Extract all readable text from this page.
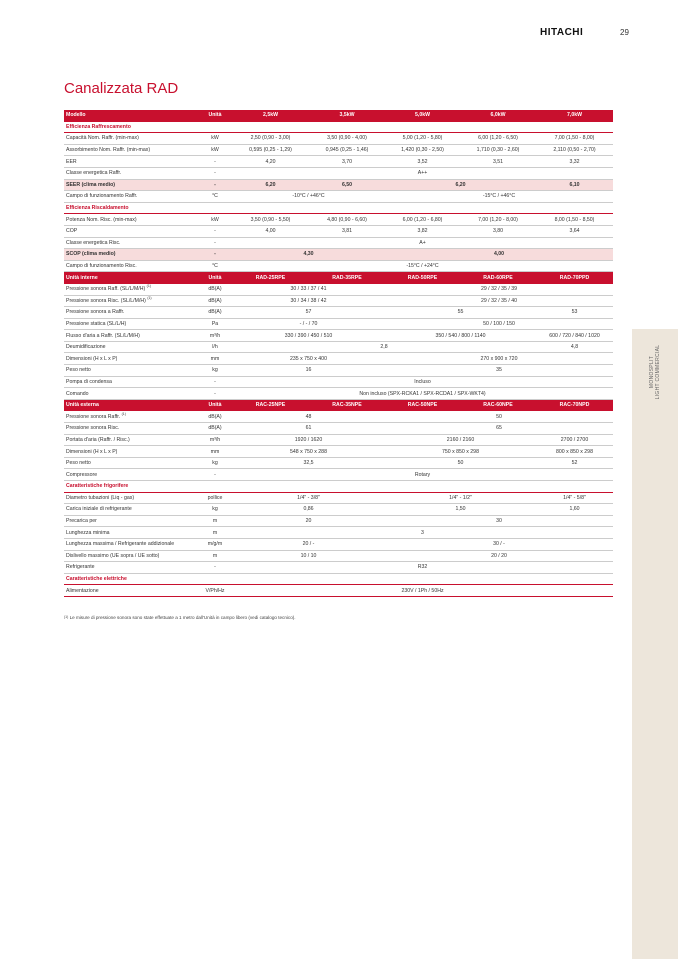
HITACHI	29
MONOSPLIT LIGHT COMMERCIAL
Canalizzata RAD
Modello	Unità	2,5kW	3,5kW	5,0kW	6,0kW	7,0kW
Efficienza Raffrescamento						
Capacità Nom. Raffr. (min-max)	kW	2,50 (0,90 - 3,00)	3,50 (0,90 - 4,00)	5,00 (1,20 - 5,80)	6,00 (1,20 - 6,50)	7,00 (1,50 - 8,00)
Assorbimento Nom. Raffr. (min-max)	kW	0,595 (0,25 - 1,29)	0,945 (0,25 - 1,46)	1,420 (0,30 - 2,50)	1,710 (0,30 - 2,60)	2,110 (0,50 - 2,70)
EER	-	4,20	3,70	3,52	3,51	3,32
Classe energetica Raffr.	-	A++				
SEER (clima medio)	-	6,20	6,50	6,20		6,10
Campo di funzionamento Raffr.	°C	-10°C / +46°C		-15°C / +46°C		
Efficienza Riscaldamento						
Potenza Nom. Risc. (min-max)	kW	3,50 (0,90 - 5,50)	4,80 (0,90 - 6,60)	6,00 (1,20 - 6,80)	7,00 (1,20 - 8,00)	8,00 (1,50 - 8,50)
COP	-	4,00	3,81	3,82	3,80	3,64
Classe energetica Risc.	-	A+				
SCOP (clima medio)	-	4,30		4,00		
Campo di funzionamento Risc.	°C	-15°C / +24°C				
Unità interne	Unità	RAD-25RPE	RAD-35RPE	RAD-50RPE	RAD-60RPE	RAD-70PPD
Pressione sonora Raff. (SL/L/M/H) $^{(1)}$	dB(A)	30 / 33 / 37 / 41		29 / 32 / 35 / 39		
Pressione sonora Risc. (SL/L/M/H) $^{(1)}$	dB(A)	30 / 34 / 38 / 42		29 / 32 / 35 / 40		
Pressione sonora a Raffr.	dB(A)	57		55		53
Pressione statica (SL/L/H)	Pa	- / - / 70		50 / 100 / 150		
Flusso d'aria a Raffr. (SL/L/M/H)	m³/h	330 / 390 / 450 / 510		350 / 540 / 800 / 1140		600 / 720 / 840 / 1020
Deumidificazione	l/h	2,8				4,8
Dimensioni (H x L x P)	mm	235 x 750 x 400		270 x 900 x 720		
Peso netto	kg	16		35		
Pompa di condensa	-	Incluso				
Comando	-	Non incluso (SPX-RCKA1 / SPX-RCDA1 / SPX-WKT4)				
Unità esterna	Unità	RAC-25NPE	RAC-35NPE	RAC-50NPE	RAC-60NPE	RAC-70NPD
Pressione sonora Raffr. $^{(1)}$	dB(A)	48		50		
Pressione sonora Risc.	dB(A)	61		65		
Portata d'aria (Raffr. / Risc.)	m³/h	1920 / 1620		2160 / 2160		2700 / 2700
Dimensioni (H x L x P)	mm	548 x 750 x 288		750 x 850 x 298		800 x 850 x 298
Peso netto	kg	32,5		50		52
Compressore	-	Rotary				
Caratteristiche frigorifere						
Diametro tubazioni (Liq - gas)	pollice	1/4" - 3/8"		1/4" - 1/2"		1/4" - 5/8"
Carica iniziale di refrigerante	kg	0,86		1,50		1,60
Precarica per	m	20		30		
Lunghezza minima	m	3				
Lunghezza massima / Refrigerante addizionale	m/g/m	20 / -		30 / -		
Dislivello massimo (UE sopra / UE sotto)	m	10 / 10		20 / 20		
Refrigerante	-	R32				
Caratteristiche elettriche						
Alimentazione	V/Ph/Hz	230V / 1Ph / 50Hz				
$^{(1)}$ Le misure di pressione sonora sono state effettuate a 1 metro dall'Unità in campo libero (vedi catalogo tecnico).
